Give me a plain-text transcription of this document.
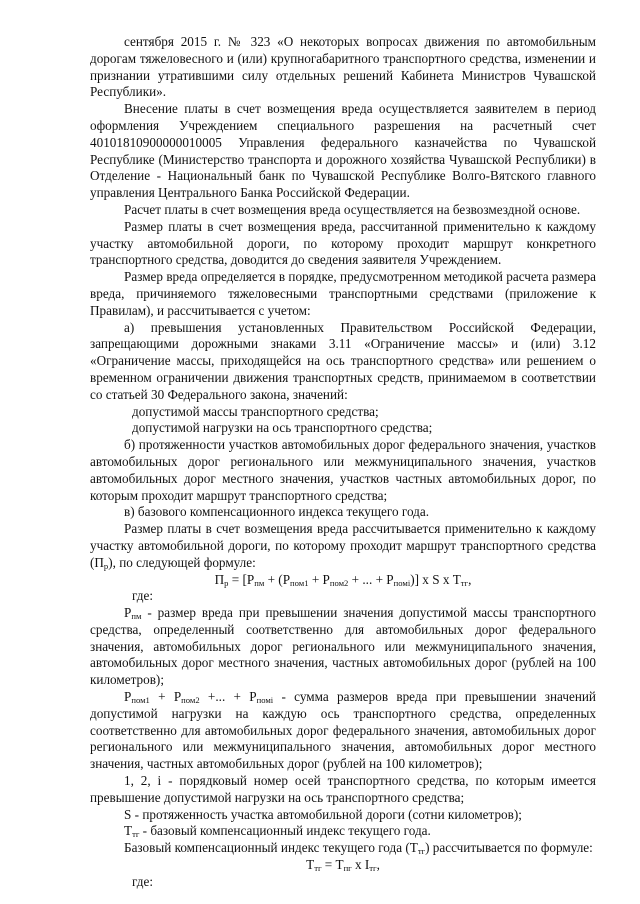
сентября 2015 г. № 323 «О некоторых вопросах движения по автомобильным дорогам тяжеловесного и (или) крупногабаритного транспортного средства, изменении и признании утратившими силу отдельных решений Кабинета Министров Чувашской Республики».

Внесение платы в счет возмещения вреда осуществляется заявителем в период оформления Учреждением специального разрешения на расчетный счет 40101810900000010005 Управления федерального казначейства по Чувашской Республике (Министерство транспорта и дорожного хозяйства Чувашской Республики) в Отделение - Национальный банк по Чувашской Республике Волго-Вятского главного управления Центрального Банка Российской Федерации.

Расчет платы в счет возмещения вреда осуществляется на безвозмездной основе.

Размер платы в счет возмещения вреда, рассчитанной применительно к каждому участку автомобильной дороги, по которому проходит маршрут конкретного транспортного средства, доводится до сведения заявителя Учреждением.

Размер вреда определяется в порядке, предусмотренном методикой расчета размера вреда, причиняемого тяжеловесными транспортными средствами (приложение к Правилам), и рассчитывается с учетом:

а) превышения установленных Правительством Российской Федерации, запрещающими дорожными знаками 3.11 «Ограничение массы» и (или) 3.12 «Ограничение массы, приходящейся на ось транспортного средства» или решением о временном ограничении движения транспортных средств, принимаемом в соответствии со статьей 30 Федерального закона, значений:

допустимой массы транспортного средства;

допустимой нагрузки на ось транспортного средства;

б) протяженности участков автомобильных дорог федерального значения, участков автомобильных дорог регионального или межмуниципального значения, участков автомобильных дорог местного значения, участков частных автомобильных дорог, по которым проходит маршрут транспортного средства;

в) базового компенсационного индекса текущего года.

Размер платы в счет возмещения вреда рассчитывается применительно к каждому участку автомобильной дороги, по которому проходит маршрут транспортного средства $(П_р)$, по следующей формуле:

$П_р = [Р_{пм} + (Р_{пом1} + Р_{пом2}$ + ... + $Р_{помi}$)] x S x $Т_{тг}$,

где:

$Р_{пм}$ - размер вреда при превышении значения допустимой массы транспортного средства, определенный соответственно для автомобильных дорог федерального значения, автомобильных дорог регионального или межмуниципального значения, автомобильных дорог местного значения, частных автомобильных дорог (рублей на 100 километров);

$Р_{пом1} + Р_{пом2}$ +... + $Р_{помi}$ - сумма размеров вреда при превышении значений допустимой нагрузки на каждую ось транспортного средства, определенных соответственно для автомобильных дорог федерального значения, автомобильных дорог регионального или межмуниципального значения, автомобильных дорог местного значения, частных автомобильных дорог (рублей на 100 километров);

1, 2, i - порядковый номер осей транспортного средства, по которым имеется превышение допустимой нагрузки на ось транспортного средства;

S - протяженность участка автомобильной дороги (сотни километров);

$Т_{тг}$ - базовый компенсационный индекс текущего года.

Базовый компенсационный индекс текущего года $(Т_{тг})$ рассчитывается по формуле:

$Т_{тг} = Т_{пг}$ x $I_{тг}$,

где:
